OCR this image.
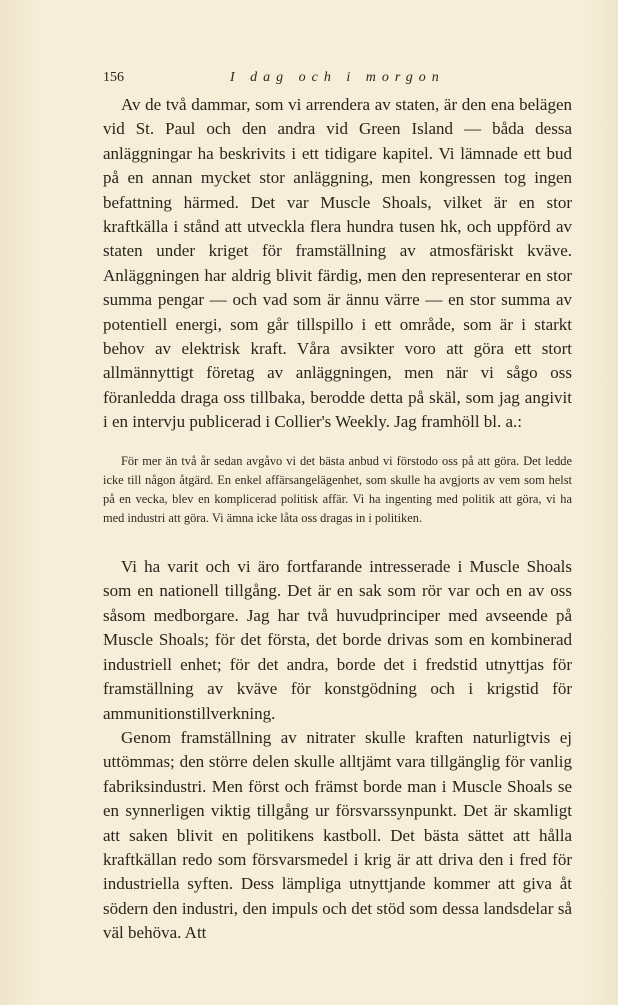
156	I dag och i morgon

Av de två dammar, som vi arrendera av staten, är den ena belägen vid St. Paul och den andra vid Green Island — båda dessa anläggningar ha beskrivits i ett tidigare kapitel. Vi lämnade ett bud på en annan mycket stor anläggning, men kongressen tog ingen befattning härmed. Det var Muscle Shoals, vilket är en stor kraftkälla i stånd att utveckla flera hundra tusen hk, och uppförd av staten under kriget för framställning av atmosfäriskt kväve. Anläggningen har aldrig blivit färdig, men den representerar en stor summa pengar — och vad som är ännu värre — en stor summa av potentiell energi, som går tillspillo i ett område, som är i starkt behov av elektrisk kraft. Våra avsikter voro att göra ett stort allmännyttigt företag av anläggningen, men när vi sågo oss föranledda draga oss tillbaka, berodde detta på skäl, som jag angivit i en intervju publicerad i Collier's Weekly. Jag framhöll bl. a.:

För mer än två år sedan avgåvo vi det bästa anbud vi förstodo oss på att göra. Det ledde icke till någon åtgärd. En enkel affärsangelägenhet, som skulle ha avgjorts av vem som helst på en vecka, blev en komplicerad politisk affär. Vi ha ingenting med politik att göra, vi ha med industri att göra. Vi ämna icke låta oss dragas in i politiken.

Vi ha varit och vi äro fortfarande intresserade i Muscle Shoals som en nationell tillgång. Det är en sak som rör var och en av oss såsom medborgare. Jag har två huvudprinciper med avseende på Muscle Shoals; för det första, det borde drivas som en kombinerad industriell enhet; för det andra, borde det i fredstid utnyttjas för framställning av kväve för konstgödning och i krigstid för ammunitionstillverkning.

Genom framställning av nitrater skulle kraften naturligtvis ej uttömmas; den större delen skulle alltjämt vara tillgänglig för vanlig fabriksindustri. Men först och främst borde man i Muscle Shoals se en synnerligen viktig tillgång ur försvarssynpunkt. Det är skamligt att saken blivit en politikens kastboll. Det bästa sättet att hålla kraftkällan redo som försvarsmedel i krig är att driva den i fred för industriella syften. Dess lämpliga utnyttjande kommer att giva åt södern den industri, den impuls och det stöd som dessa landsdelar så väl behöva. Att
